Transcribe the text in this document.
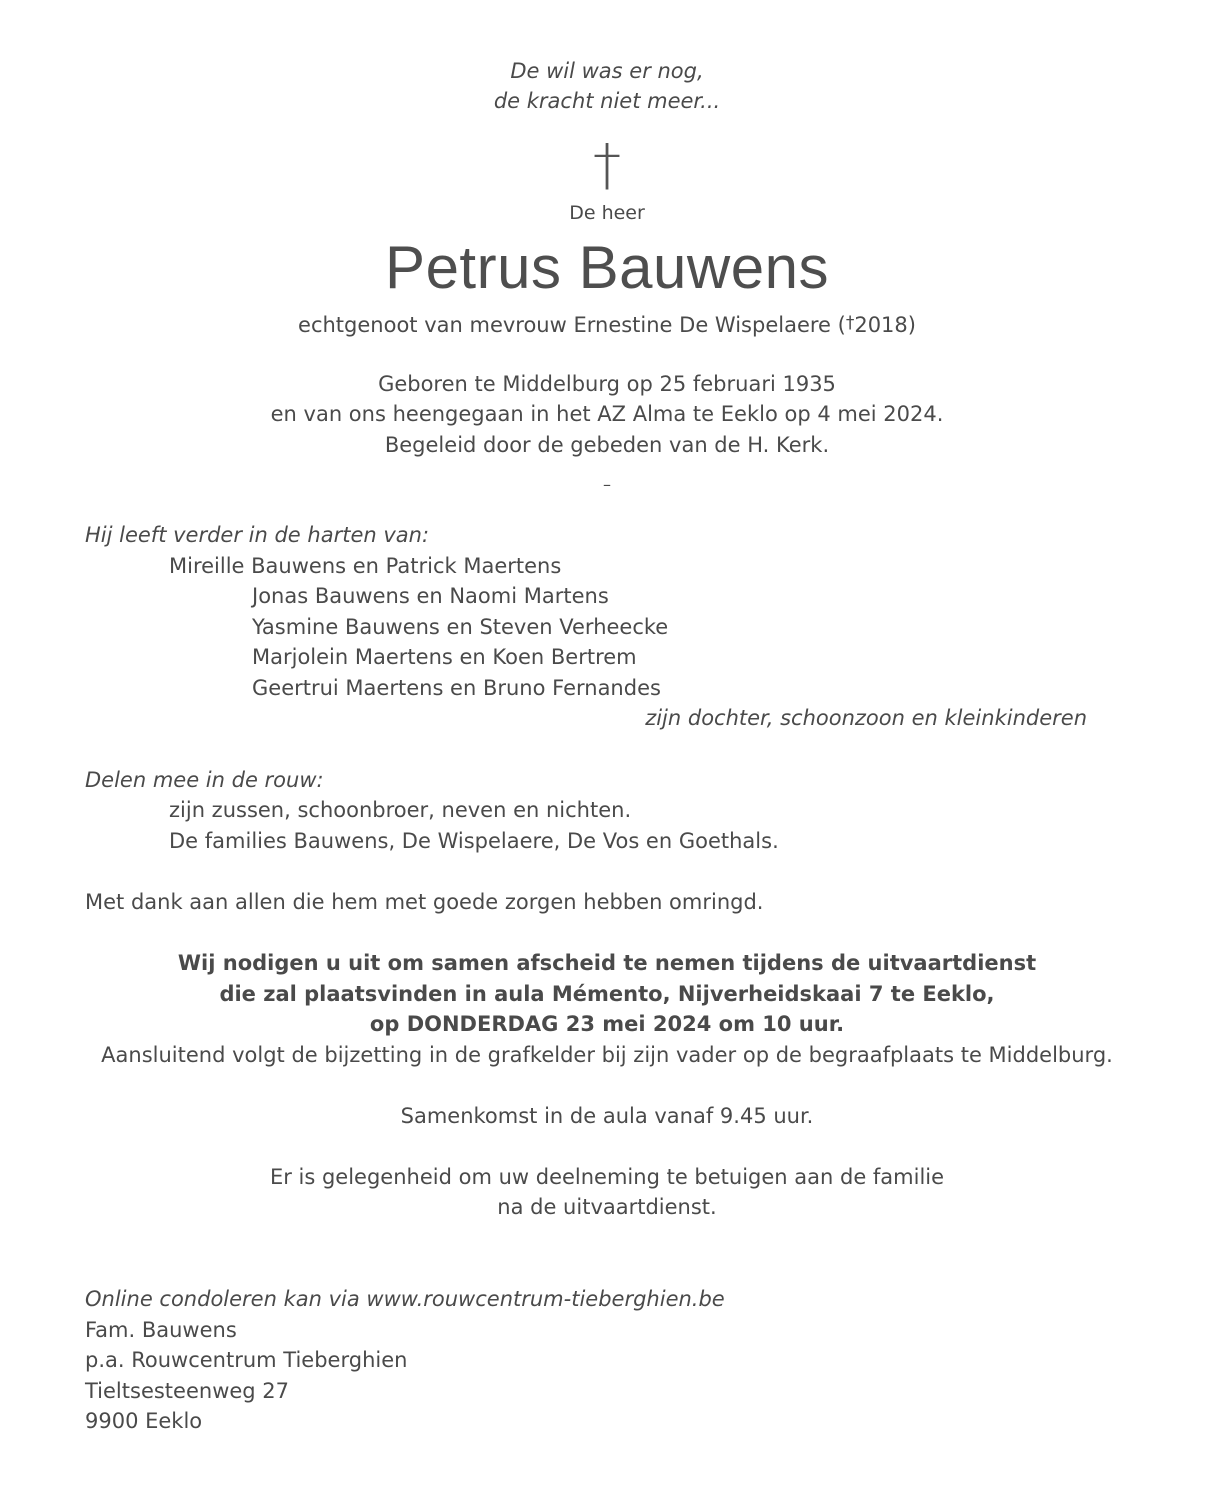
De wil was er nog,
de kracht niet meer...
†
De heer
Petrus Bauwens
echtgenoot van mevrouw Ernestine De Wispelaere (†2018)
Geboren te Middelburg op 25 februari 1935
en van ons heengegaan in het AZ Alma te Eeklo op 4 mei 2024.
Begeleid door de gebeden van de H. Kerk.
–
Hij leeft verder in de harten van:
Mireille Bauwens en Patrick Maertens
Jonas Bauwens en Naomi Martens
Yasmine Bauwens en Steven Verheecke
Marjolein Maertens en Koen Bertrem
Geertrui Maertens en Bruno Fernandes
zijn dochter, schoonzoon en kleinkinderen
Delen mee in de rouw:
zijn zussen, schoonbroer, neven en nichten.
De families Bauwens, De Wispelaere, De Vos en Goethals.
Met dank aan allen die hem met goede zorgen hebben omringd.
Wij nodigen u uit om samen afscheid te nemen tijdens de uitvaartdienst
die zal plaatsvinden in aula Mémento, Nijverheidskaai 7 te Eeklo,
op DONDERDAG 23 mei 2024 om 10 uur.
Aansluitend volgt de bijzetting in de grafkelder bij zijn vader op de begraafplaats te Middelburg.
Samenkomst in de aula vanaf 9.45 uur.
Er is gelegenheid om uw deelneming te betuigen aan de familie
na de uitvaartdienst.
Online condoleren kan via www.rouwcentrum-tieberghien.be
Fam. Bauwens
p.a. Rouwcentrum Tieberghien
Tieltsesteenweg 27
9900 Eeklo
